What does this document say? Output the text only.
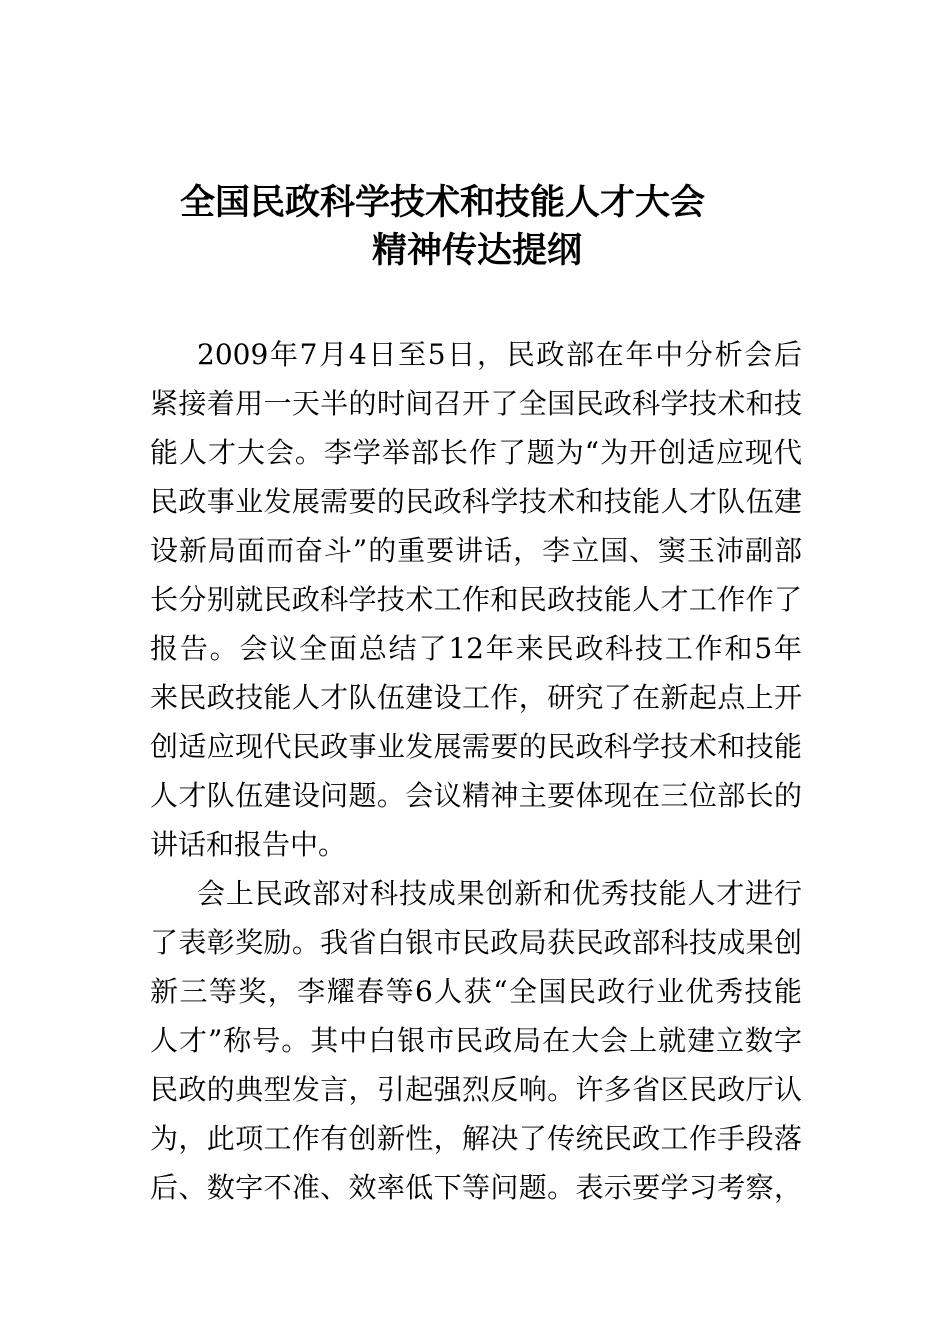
全国民政科学技术和技能人才大会
精神传达提纲
2009年7月4日至5日，民政部在年中分析会后
紧接着用一天半的时间召开了全国民政科学技术和技
能人才大会。李学举部长作了题为“为开创适应现代
民政事业发展需要的民政科学技术和技能人才队伍建
设新局面而奋斗”的重要讲话，李立国、窦玉沛副部
长分别就民政科学技术工作和民政技能人才工作作了
报告。会议全面总结了12年来民政科技工作和5年
来民政技能人才队伍建设工作，研究了在新起点上开
创适应现代民政事业发展需要的民政科学技术和技能
人才队伍建设问题。会议精神主要体现在三位部长的
讲话和报告中。
会上民政部对科技成果创新和优秀技能人才进行
了表彰奖励。我省白银市民政局获民政部科技成果创
新三等奖，李耀春等6人获“全国民政行业优秀技能
人才”称号。其中白银市民政局在大会上就建立数字
民政的典型发言，引起强烈反响。许多省区民政厅认
为，此项工作有创新性，解决了传统民政工作手段落
后、数字不准、效率低下等问题。表示要学习考察，
